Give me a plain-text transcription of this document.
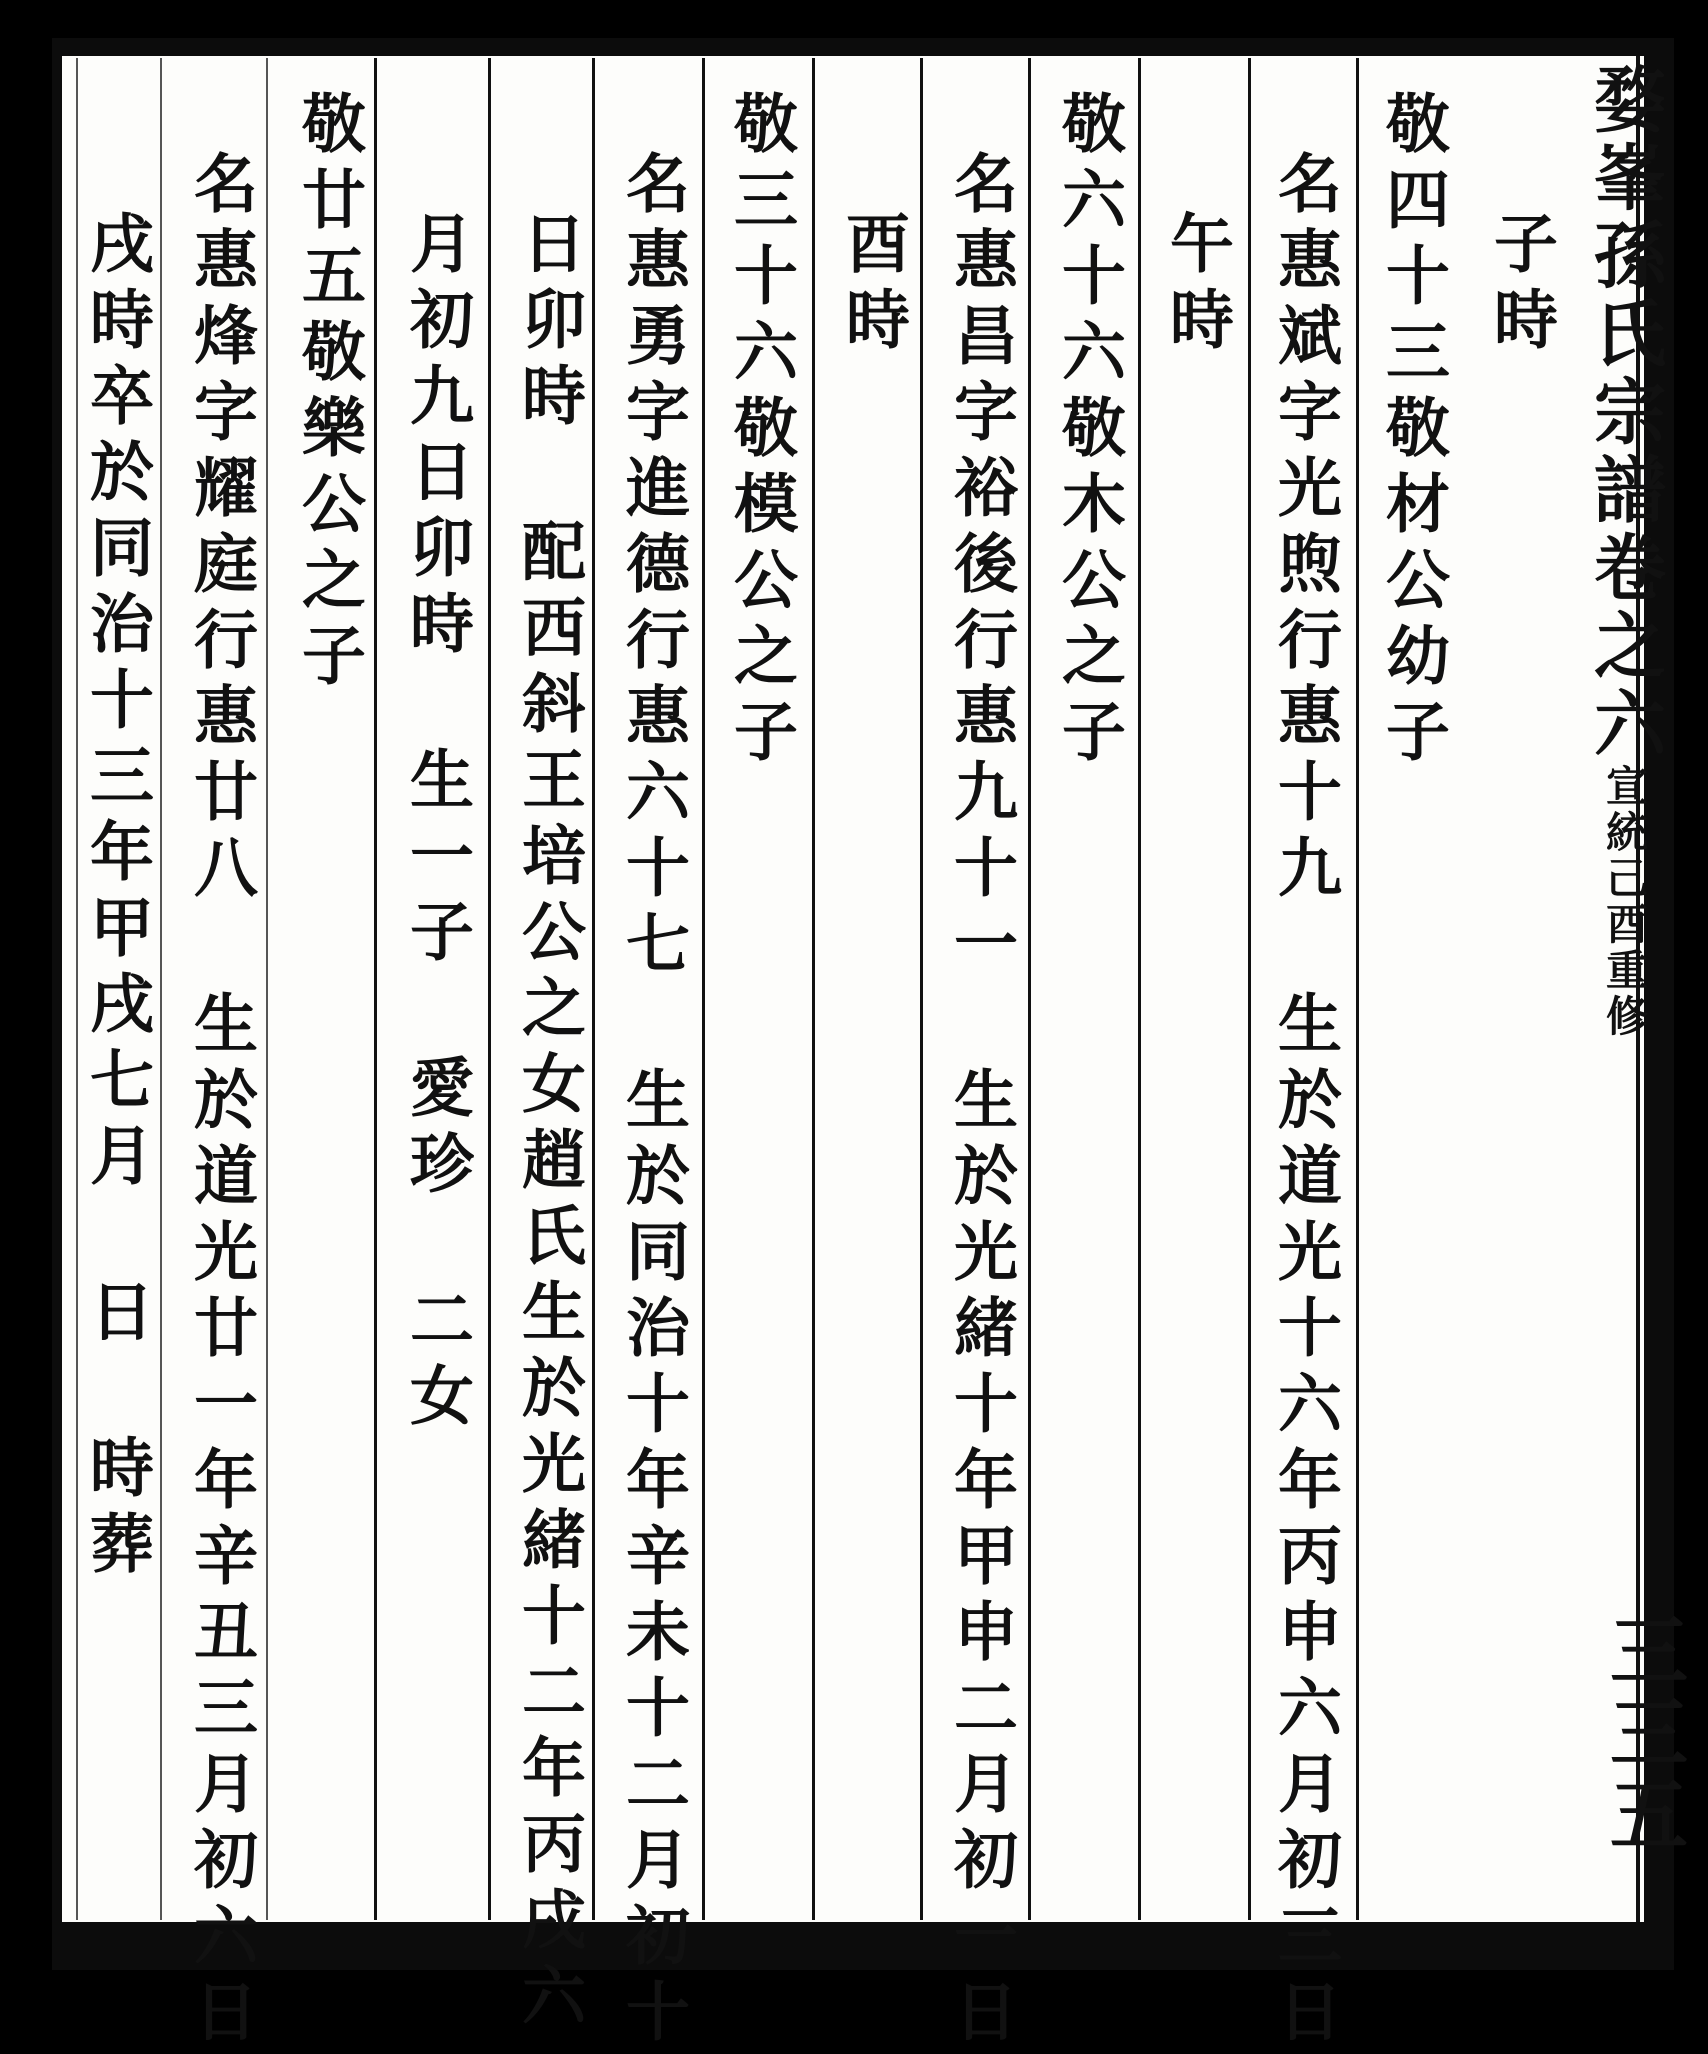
婺峯孫氏宗譜卷之六宣統己酉重修
三三五
子時
敬四十三敬材公幼子
名惠斌字光煦行惠十九生於道光十六年丙申六月初三日
午時
敬六十六敬木公之子
名惠昌字裕後行惠九十一生於光緒十年甲申二月初一日
酉時
敬三十六敬模公之子
名惠勇字進德行惠六十七生於同治十年辛未十二月初十
日卯時配西斜王培公之女趙氏生於光緒十二年丙戌六
月初九日卯時生一子愛珍二女
敬廿五敬樂公之子
名惠烽字耀庭行惠廿八生於道光廿一年辛丑三月初六日
戌時卒於同治十三年甲戌七月日時葬
